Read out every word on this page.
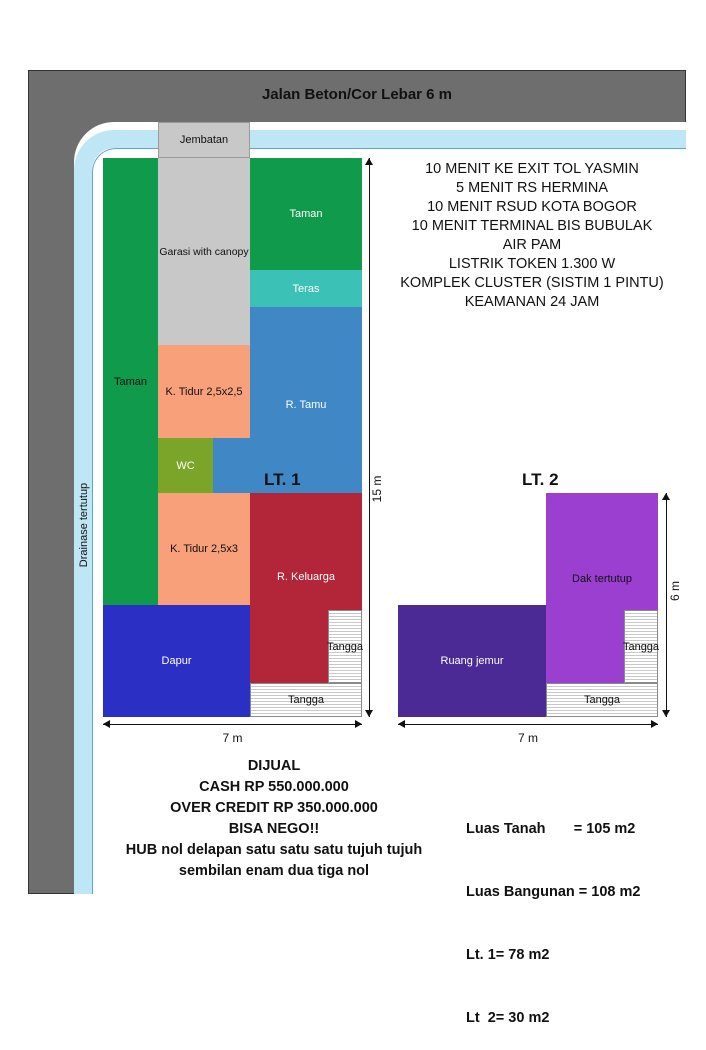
Jalan Beton/Cor Lebar 6 m
Drainase tertutup
Jembatan
Taman
Garasi with canopy
Taman
Teras
K. Tidur 2,5x2,5
R. Tamu
WC
LT. 1
K. Tidur 2,5x3
R. Keluarga
Dapur
Tangga
Tangga
15 m
7 m
LT. 2
Dak tertutup
Ruang jemur
Tangga
Tangga
6 m
7 m
10 MENIT KE EXIT TOL YASMIN
5 MENIT RS HERMINA
10 MENIT RSUD KOTA BOGOR
10 MENIT TERMINAL BIS BUBULAK
AIR PAM
LISTRIK TOKEN 1.300 W
KOMPLEK CLUSTER (SISTIM 1 PINTU)
KEAMANAN 24 JAM
DIJUAL
CASH RP 550.000.000
OVER CREDIT RP 350.000.000
BISA NEGO!!
HUB nol delapan satu satu satu tujuh tujuh
sembilan enam dua tiga nol

Luas Tanah       = 105 m2

Luas Bangunan = 108 m2

Lt. 1= 78 m2

Lt  2= 30 m2
